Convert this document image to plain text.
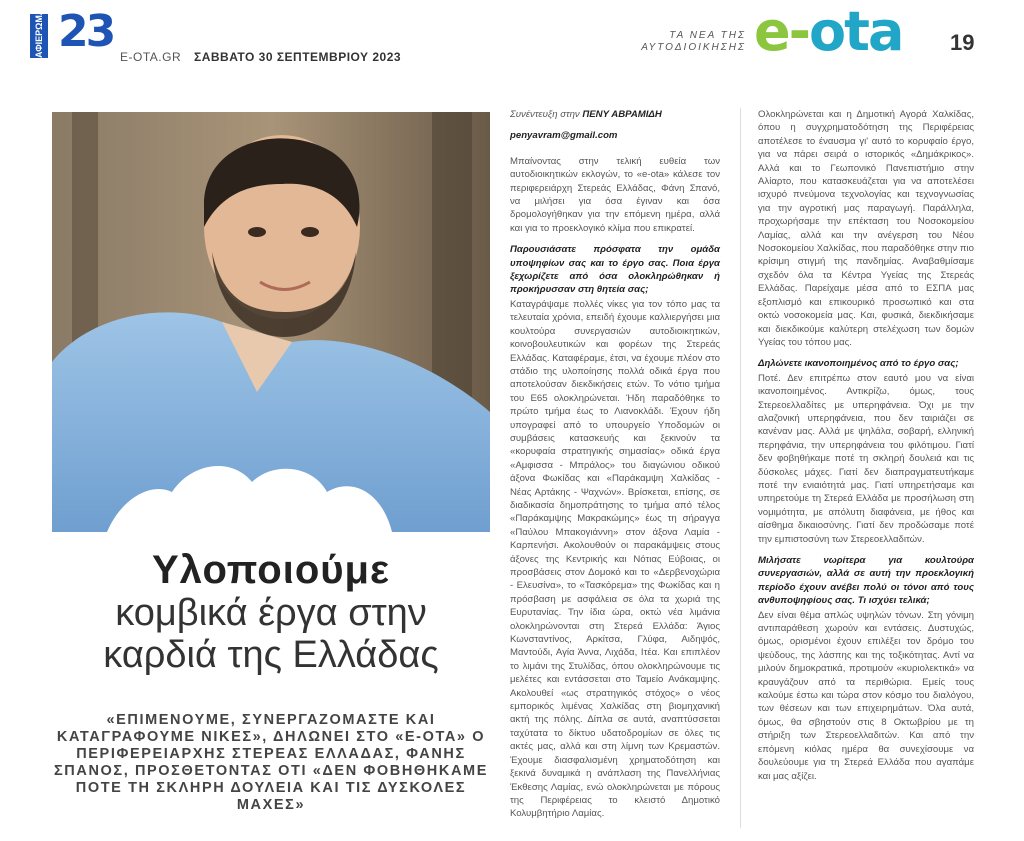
ΑΦΙΕΡΩΜΑ 23 E-OTA.GR ΣΑΒΒΑΤΟ 30 ΣΕΠΤΕΜΒΡΙΟΥ 2023
ΤΑ ΝΕΑ ΤΗΣ ΑΥΤΟΔΙΟΙΚΗΣΗΣ e-ota 19
Υλοποιούμε
κομβικά έργα στην
καρδιά της Ελλάδας
«ΕΠΙΜΕΝΟΥΜΕ, ΣΥΝΕΡΓΑΖΟΜΑΣΤΕ ΚΑΙ ΚΑΤΑΓΡΑΦΟΥΜΕ ΝΙΚΕΣ», ΔΗΛΩΝΕΙ ΣΤΟ «E-OTA» Ο ΠΕΡΙΦΕΡΕΙΑΡΧΗΣ ΣΤΕΡΕΑΣ ΕΛΛΑΔΑΣ, ΦΑΝΗΣ ΣΠΑΝΟΣ, ΠΡΟΣΘΕΤΟΝΤΑΣ ΟΤΙ «ΔΕΝ ΦΟΒΗΘΗΚΑΜΕ ΠΟΤΕ ΤΗ ΣΚΛΗΡΗ ΔΟΥΛΕΙΑ ΚΑΙ ΤΙΣ ΔΥΣΚΟΛΕΣ ΜΑΧΕΣ»

Συνέντευξη στην ΠΕΝΥ ΑΒΡΑΜΙΔΗ

penyavram@gmail.com

Μπαίνοντας στην τελική ευθεία των αυτοδιοικητικών εκλογών, το «e-ota» κάλεσε τον περιφερειάρχη Στερεάς Ελλάδας, Φάνη Σπανό, να μιλήσει για όσα έγιναν και όσα δρομολογήθηκαν για την επόμενη ημέρα, αλλά και για το προεκλογικό κλίμα που επικρατεί.

Παρουσιάσατε πρόσφατα την ομάδα υποψηφίων σας και το έργο σας. Ποια έργα ξεχωρίζετε από όσα ολοκληρώθηκαν ή προκήρυσσαν στη θητεία σας;

Καταγράψαμε πολλές νίκες για τον τόπο μας τα τελευταία χρόνια, επειδή έχουμε καλλιεργήσει μια κουλτούρα συνεργασιών αυτοδιοικητικών, κοινοβουλευτικών και φορέων της Στερεάς Ελλάδας. Καταφέραμε, έτσι, να έχουμε πλέον στο στάδιο της υλοποίησης πολλά οδικά έργα που αποτελούσαν διεκδικήσεις ετών. Το νότιο τμήμα του Ε65 ολοκληρώνεται. Ήδη παραδόθηκε το πρώτο τμήμα έως το Λιανοκλάδι. Έχουν ήδη υπογραφεί από το υπουργείο Υποδομών οι συμβάσεις κατασκευής και ξεκινούν τα «κορυφαία στρατηγικής σημασίας» οδικά έργα «Αμφισσα - Μπράλος» του διαγώνιου οδικού άξονα Φωκίδας και «Παράκαμψη Χαλκίδας - Νέας Αρτάκης - Ψαχνών». Βρίσκεται, επίσης, σε διαδικασία δημοπράτησης το τμήμα από τέλος «Παράκαμψης Μακρακώμης» έως τη σήραγγα «Παύλου Μπακογιάννη» στον άξονα Λαμία - Καρπενήσι. Ακολουθούν οι παρακάμψεις στους άξονες της Κεντρικής και Νότιας Εύβοιας, οι προσβάσεις στον Δομοκό και το «Δερβενοχώρια - Ελευσίνα», το «Τασκόρεμα» της Φωκίδας και η πρόσβαση με ασφάλεια σε όλα τα χωριά της Ευρυτανίας. Την ίδια ώρα, οκτώ νέα λιμάνια ολοκληρώνονται στη Στερεά Ελλάδα: Άγιος Κωνσταντίνος, Αρκίτσα, Γλύφα, Αιδηψός, Μαντούδι, Αγία Άννα, Λιχάδα, Ιτέα. Και επιπλέον το λιμάνι της Στυλίδας, όπου ολοκληρώνουμε τις μελέτες και εντάσσεται στο Ταμείο Ανάκαμψης. Ακολουθεί «ως στρατηγικός στόχος» ο νέος εμπορικός λιμένας Χαλκίδας στη βιομηχανική ακτή της πόλης. Δίπλα σε αυτά, αναπτύσσεται ταχύτατα το δίκτυο υδατοδρομίων σε όλες τις ακτές μας, αλλά και στη λίμνη των Κρεμαστών. Έχουμε διασφαλισμένη χρηματοδότηση και ξεκινά δυναμικά η ανάπλαση της Πανελλήνιας Έκθεσης Λαμίας, ενώ ολοκληρώνεται με πόρους της Περιφέρειας το κλειστό Δημοτικό Κολυμβητήριο Λαμίας.

Ολοκληρώνεται και η Δημοτική Αγορά Χαλκίδας, όπου η συγχρηματοδότηση της Περιφέρειας αποτέλεσε το έναυσμα γι' αυτό το κορυφαίο έργο, για να πάρει σειρά ο ιστορικός «Δημάκρικος». Αλλά και το Γεωπονικό Πανεπιστήμιο στην Αλίαρτο, που κατασκευάζεται για να αποτελέσει ισχυρό πνεύμονα τεχνολογίας και τεχνογνωσίας για την αγροτική μας παραγωγή. Παράλληλα, προχωρήσαμε την επέκταση του Νοσοκομείου Λαμίας, αλλά και την ανέγερση του Νέου Νοσοκομείου Χαλκίδας, που παραδόθηκε στην πιο κρίσιμη στιγμή της πανδημίας. Αναβαθμίσαμε σχεδόν όλα τα Κέντρα Υγείας της Στερεάς Ελλάδας. Παρείχαμε μέσα από το ΕΣΠΑ μας εξοπλισμό και επικουρικό προσωπικό και στα οκτώ νοσοκομεία μας. Και, φυσικά, διεκδικήσαμε και διεκδικούμε καλύτερη στελέχωση των δομών Υγείας του τόπου μας.

Δηλώνετε ικανοποιημένος από το έργο σας;

Ποτέ. Δεν επιτρέπω στον εαυτό μου να είναι ικανοποιημένος. Αντικρίζω, όμως, τους Στερεοελλαδίτες με υπερηφάνεια. Όχι με την αλαζονική υπερηφάνεια, που δεν ταιριάζει σε κανέναν μας. Αλλά με ψηλάλα, σοβαρή, ελληνική περηφάνια, την υπερηφάνεια του φιλότιμου. Γιατί δεν φοβηθήκαμε ποτέ τη σκληρή δουλειά και τις δύσκολες μάχες. Γιατί δεν διαπραγματευτήκαμε ποτέ την ενιαιότητά μας. Γιατί υπηρετήσαμε και υπηρετούμε τη Στερεά Ελλάδα με προσήλωση στη νομιμότητα, με απόλυτη διαφάνεια, με ήθος και αίσθημα δικαιοσύνης. Γιατί δεν προδώσαμε ποτέ την εμπιστοσύνη των Στερεοελλαδιτών.

Μιλήσατε νωρίτερα για κουλτούρα συνεργασιών, αλλά σε αυτή την προεκλογική περίοδο έχουν ανέβει πολύ οι τόνοι από τους ανθυποψηφίους σας. Τι ισχύει τελικά;

Δεν είναι θέμα απλώς υψηλών τόνων. Στη γόνιμη αντιπαράθεση χωρούν και εντάσεις. Δυστυχώς, όμως, ορισμένοι έχουν επιλέξει τον δρόμο του ψεύδους, της λάσπης και της τοξικότητας. Αντί να μιλούν δημοκρατικά, προτιμούν «κυριολεκτικά» να κραυγάζουν από τα περιθώρια. Εμείς τους καλούμε έστω και τώρα στον κόσμο του διαλόγου, των θέσεων και των επιχειρημάτων. Όλα αυτά, όμως, θα σβηστούν στις 8 Οκτωβρίου με τη στήριξη των Στερεοελλαδιτών. Και από την επόμενη κιόλας ημέρα θα συνεχίσουμε να δουλεύουμε για τη Στερεά Ελλάδα που αγαπάμε και μας αξίζει.
